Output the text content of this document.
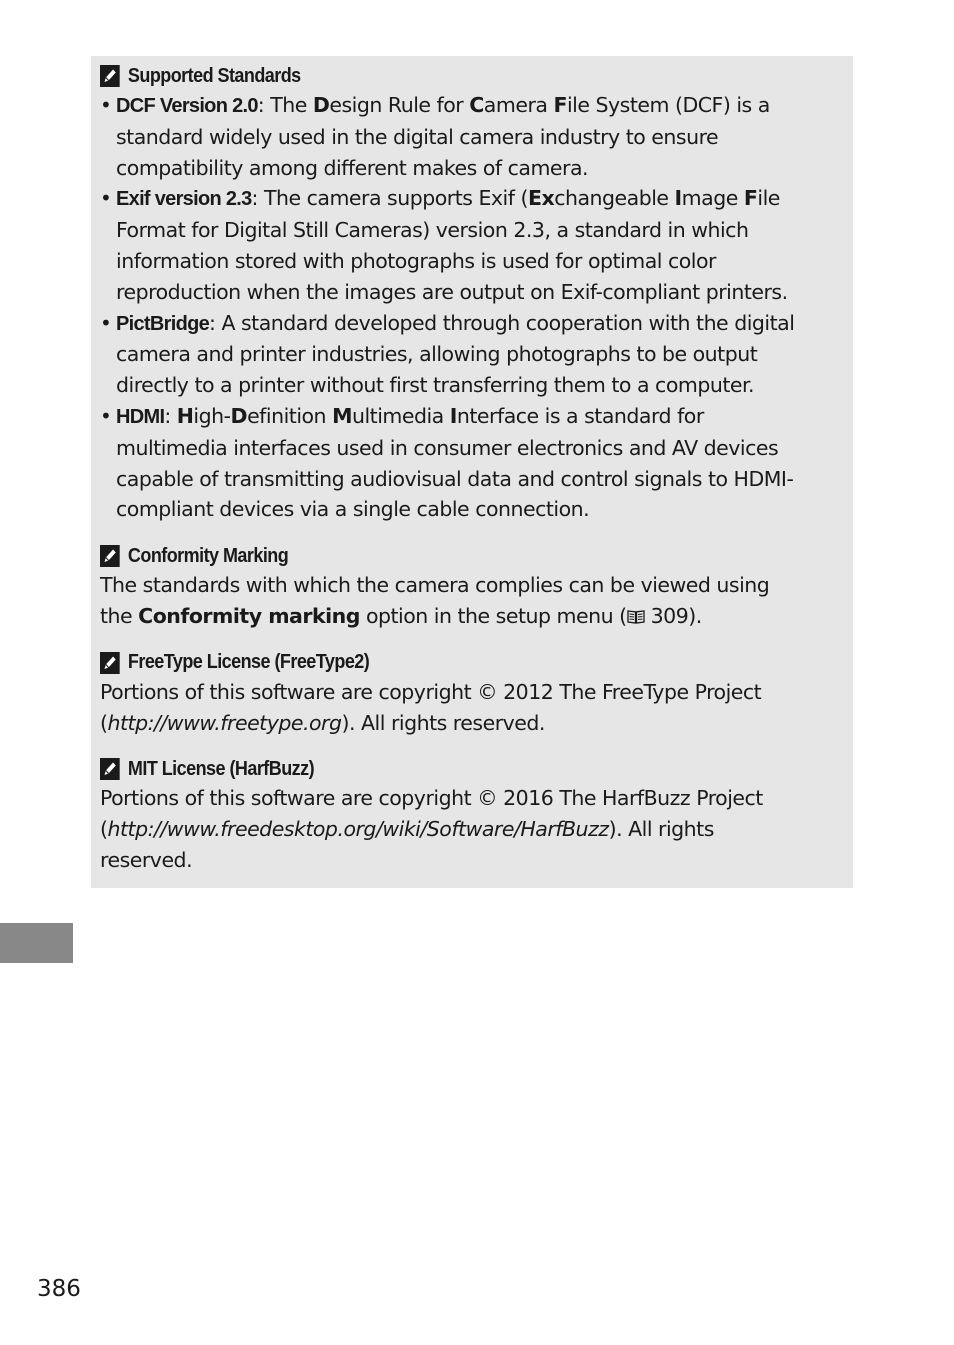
Supported Standards
• DCF Version 2.0: The Design Rule for Camera File System (DCF) is a
standard widely used in the digital camera industry to ensure
compatibility among different makes of camera.
• Exif version 2.3: The camera supports Exif (Exchangeable Image File
Format for Digital Still Cameras) version 2.3, a standard in which
information stored with photographs is used for optimal color
reproduction when the images are output on Exif-compliant printers.
• PictBridge: A standard developed through cooperation with the digital
camera and printer industries, allowing photographs to be output
directly to a printer without first transferring them to a computer.
• HDMI: High-Definition Multimedia Interface is a standard for
multimedia interfaces used in consumer electronics and AV devices
capable of transmitting audiovisual data and control signals to HDMI-
compliant devices via a single cable connection.
Conformity Marking
The standards with which the camera complies can be viewed using
the Conformity marking option in the setup menu ( 309).
FreeType License (FreeType2)
Portions of this software are copyright © 2012 The FreeType Project
(http://www.freetype.org). All rights reserved.
MIT License (HarfBuzz)
Portions of this software are copyright © 2016 The HarfBuzz Project
(http://www.freedesktop.org/wiki/Software/HarfBuzz). All rights
reserved.
386
